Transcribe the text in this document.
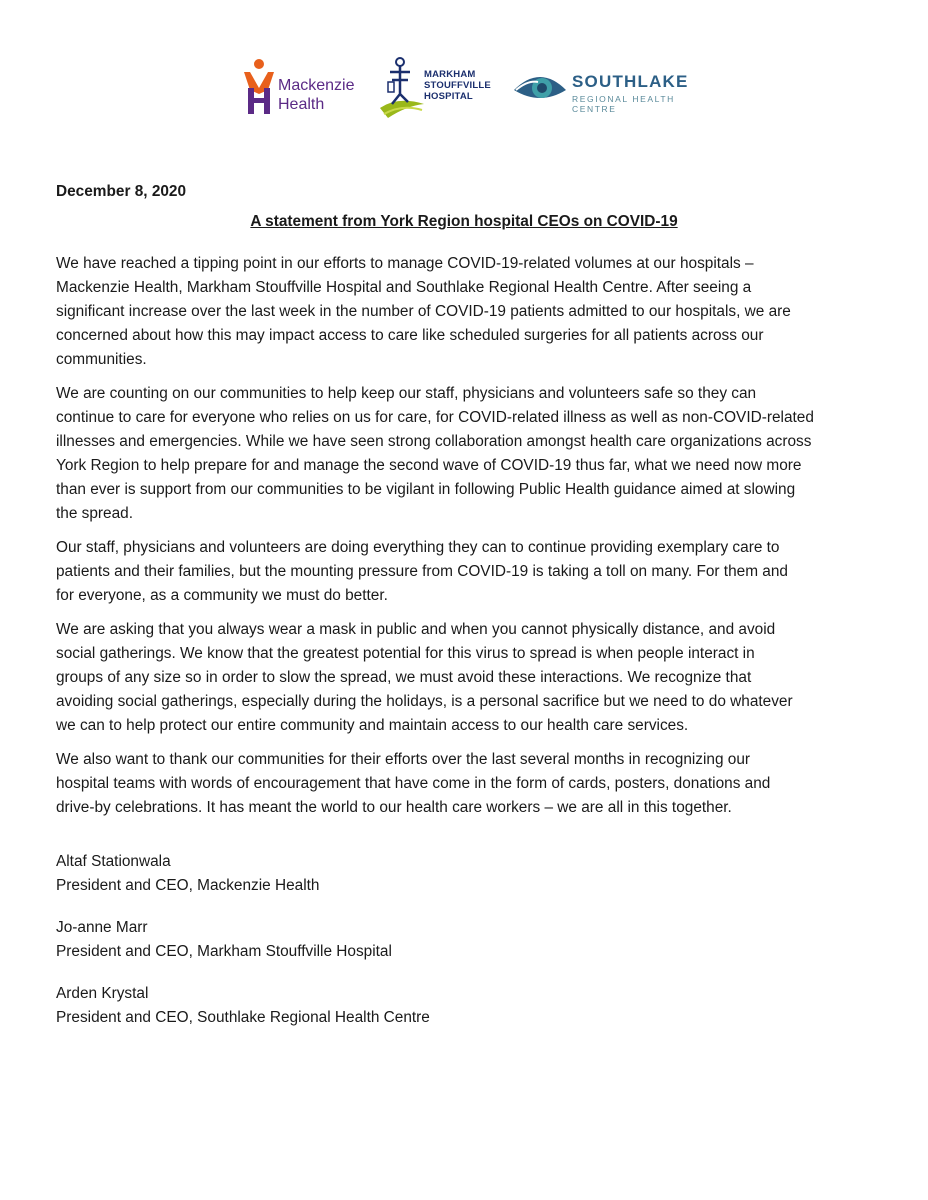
Mackenzie
Health
MARKHAM
STOUFFVILLE
HOSPITAL
SOUTHLAKE
REGIONAL HEALTH CENTRE

December 8, 2020

A statement from York Region hospital CEOs on COVID-19

We have reached a tipping point in our efforts to manage COVID-19-related volumes at our hospitals –
Mackenzie Health, Markham Stouffville Hospital and Southlake Regional Health Centre. After seeing a
significant increase over the last week in the number of COVID-19 patients admitted to our hospitals, we are
concerned about how this may impact access to care like scheduled surgeries for all patients across our
communities.

We are counting on our communities to help keep our staff, physicians and volunteers safe so they can
continue to care for everyone who relies on us for care, for COVID-related illness as well as non-COVID-related
illnesses and emergencies. While we have seen strong collaboration amongst health care organizations across
York Region to help prepare for and manage the second wave of COVID-19 thus far, what we need now more
than ever is support from our communities to be vigilant in following Public Health guidance aimed at slowing
the spread.

Our staff, physicians and volunteers are doing everything they can to continue providing exemplary care to
patients and their families, but the mounting pressure from COVID-19 is taking a toll on many. For them and
for everyone, as a community we must do better.

We are asking that you always wear a mask in public and when you cannot physically distance, and avoid
social gatherings. We know that the greatest potential for this virus to spread is when people interact in
groups of any size so in order to slow the spread, we must avoid these interactions. We recognize that
avoiding social gatherings, especially during the holidays, is a personal sacrifice but we need to do whatever
we can to help protect our entire community and maintain access to our health care services.

We also want to thank our communities for their efforts over the last several months in recognizing our
hospital teams with words of encouragement that have come in the form of cards, posters, donations and
drive-by celebrations. It has meant the world to our health care workers – we are all in this together.

Altaf Stationwala
President and CEO, Mackenzie Health

Jo-anne Marr
President and CEO, Markham Stouffville Hospital

Arden Krystal
President and CEO, Southlake Regional Health Centre
